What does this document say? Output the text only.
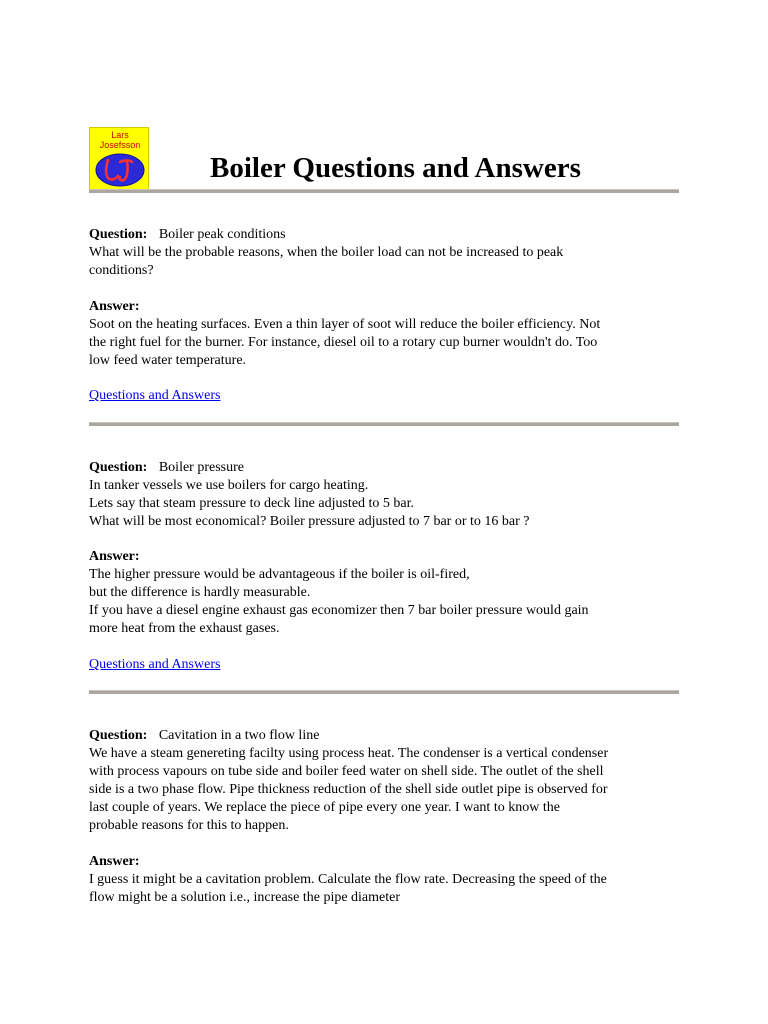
Lars
Josefsson
Boiler Questions and Answers

Question: Boiler peak conditions

What will be the probable reasons, when the boiler load can not be increased to peak

conditions?

Answer:

Soot on the heating surfaces. Even a thin layer of soot will reduce the boiler efficiency. Not

the right fuel for the burner. For instance, diesel oil to a rotary cup burner wouldn't do. Too

low feed water temperature.

Questions and Answers

Question: Boiler pressure

In tanker vessels we use boilers for cargo heating.

Lets say that steam pressure to deck line adjusted to 5 bar.

What will be most economical? Boiler pressure adjusted to 7 bar or to 16 bar ?

Answer:

The higher pressure would be advantageous if the boiler is oil-fired,

but the difference is hardly measurable.

If you have a diesel engine exhaust gas economizer then 7 bar boiler pressure would gain

more heat from the exhaust gases.

Questions and Answers

Question: Cavitation in a two flow line

We have a steam genereting facilty using process heat. The condenser is a vertical condenser

with process vapours on tube side and boiler feed water on shell side. The outlet of the shell

side is a two phase flow. Pipe thickness reduction of the shell side outlet pipe is observed for

last couple of years. We replace the piece of pipe every one year. I want to know the

probable reasons for this to happen.

Answer:

I guess it might be a cavitation problem. Calculate the flow rate. Decreasing the speed of the

flow might be a solution i.e., increase the pipe diameter
